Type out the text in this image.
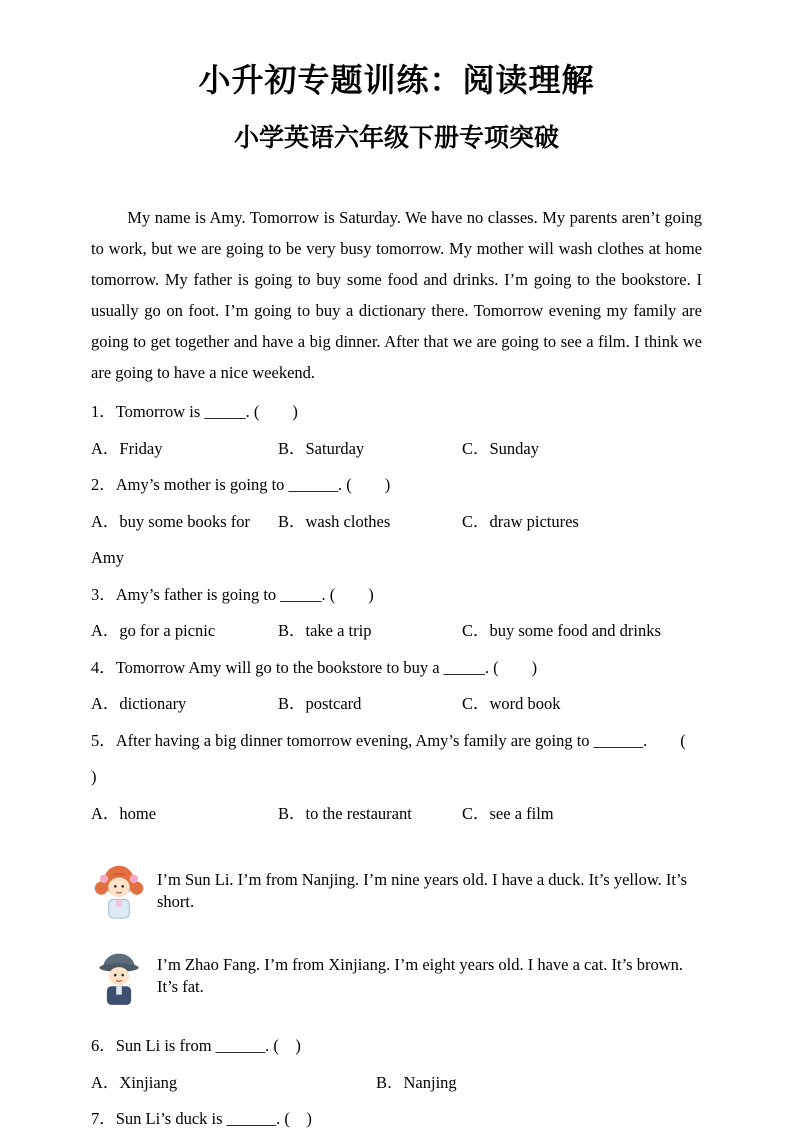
小升初专题训练：阅读理解
小学英语六年级下册专项突破

My name is Amy. Tomorrow is Saturday. We have no classes. My parents aren’t going to work, but we are going to be very busy tomorrow. My mother will wash clothes at home tomorrow. My father is going to buy some food and drinks. I’m going to the bookstore. I usually go on foot. I’m going to buy a dictionary there. Tomorrow evening my family are going to get together and have a big dinner. After that we are going to see a film. I think we are going to have a nice weekend.

1．Tomorrow is _____. (        )
A．Friday	B．Saturday	C．Sunday
2．Amy’s mother is going to ______. (        )
A．buy some books for Amy
B．wash clothes	C．draw pictures
3．Amy’s father is going to _____. (        )
A．go for a picnic	B．take a trip	C．buy some food and drinks
4．Tomorrow Amy will go to the bookstore to buy a _____. (        )
A．dictionary	B．postcard	C．word book
5．After having a big dinner tomorrow evening, Amy’s family are going to ______.        (        )
A．home	B．to the restaurant	C．see a film
I’m Sun Li. I’m from Nanjing. I’m nine years old. I have a duck. It’s yellow. It’s short.
I’m Zhao Fang. I’m from Xinjiang. I’m eight years old. I have a cat. It’s brown. It’s fat.
6．Sun Li is from ______. (    )
A．Xinjiang	B．Nanjing
7．Sun Li’s duck is ______. (    )
